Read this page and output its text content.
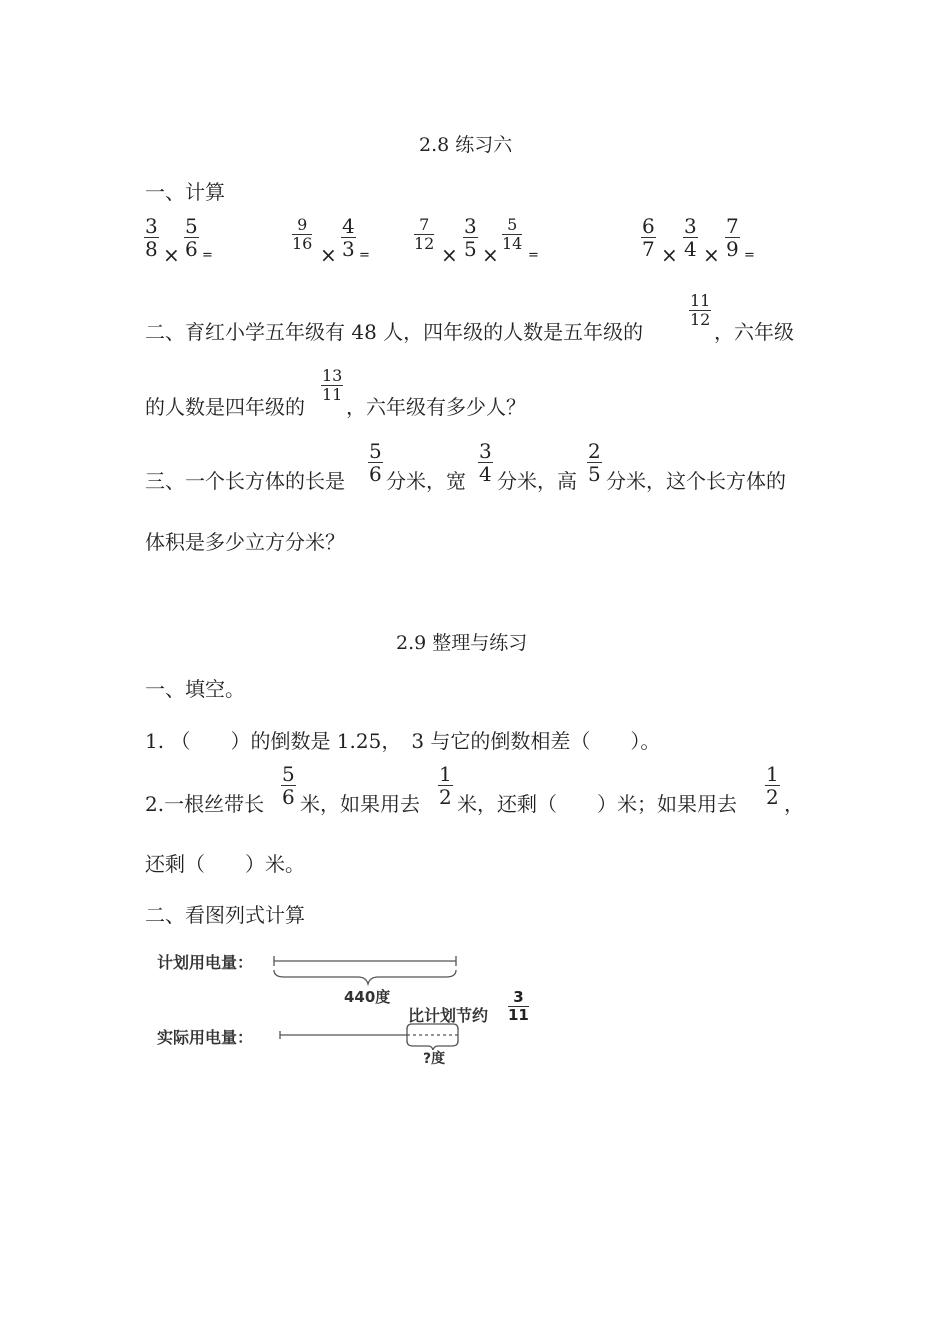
2.8 练习六
一、计算
$\frac{3}{8} \times \frac{5}{6}$ =
$\frac{9}{16}$
× $\frac{4}{3}$ =
$\frac{7}{12}$
× $\frac{3}{5}$ ×
$\frac{5}{14}$
=	$\frac{6}{7} \times \frac{3}{4} \times \frac{7}{9}$ =
二、育红小学五年级有 48 人，四年级的人数是五年级的
$\frac{11}{12}$
，六年级
的人数是四年级的
$\frac{13}{11}$
，六年级有多少人？
三、一个长方体的长是 $\frac{5}{6}$ 分米，宽 $\frac{3}{4}$ 分米，高 $\frac{2}{5}$ 分米，这个长方体的
体积是多少立方分米？
2.9 整理与练习
一、填空。
1. （　　）的倒数是 1.25，　3 与它的倒数相差（　　）。
2.一根丝带长 $\frac{5}{6}$ 米，如果用去 $\frac{1}{2}$ 米，还剩（　　）米；如果用去 $\frac{1}{2}$ ，
还剩（　　）米。
二、看图列式计算
计划用电量：
440度
实际用电量：
比计划节约 $\frac{3}{11}$
?度
